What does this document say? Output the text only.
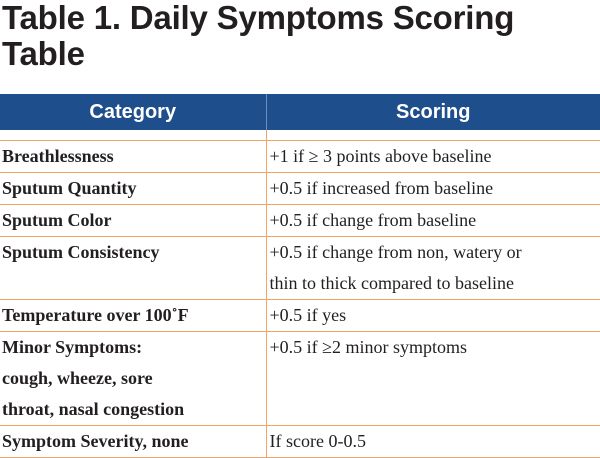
Table 1. Daily Symptoms Scoring
Table
Category	Scoring

Breathlessness	+1 if ≥ 3 points above baseline

Sputum Quantity	+0.5 if increased from baseline

Sputum Color	+0.5 if change from baseline

Sputum Consistency	+0.5 if change from non, watery or
thin to thick compared to baseline

Temperature over 100˚F	+0.5 if yes

Minor Symptoms:
cough, wheeze, sore
throat, nasal congestion	+0.5 if ≥2 minor symptoms

Symptom Severity, none	If score 0-0.5
